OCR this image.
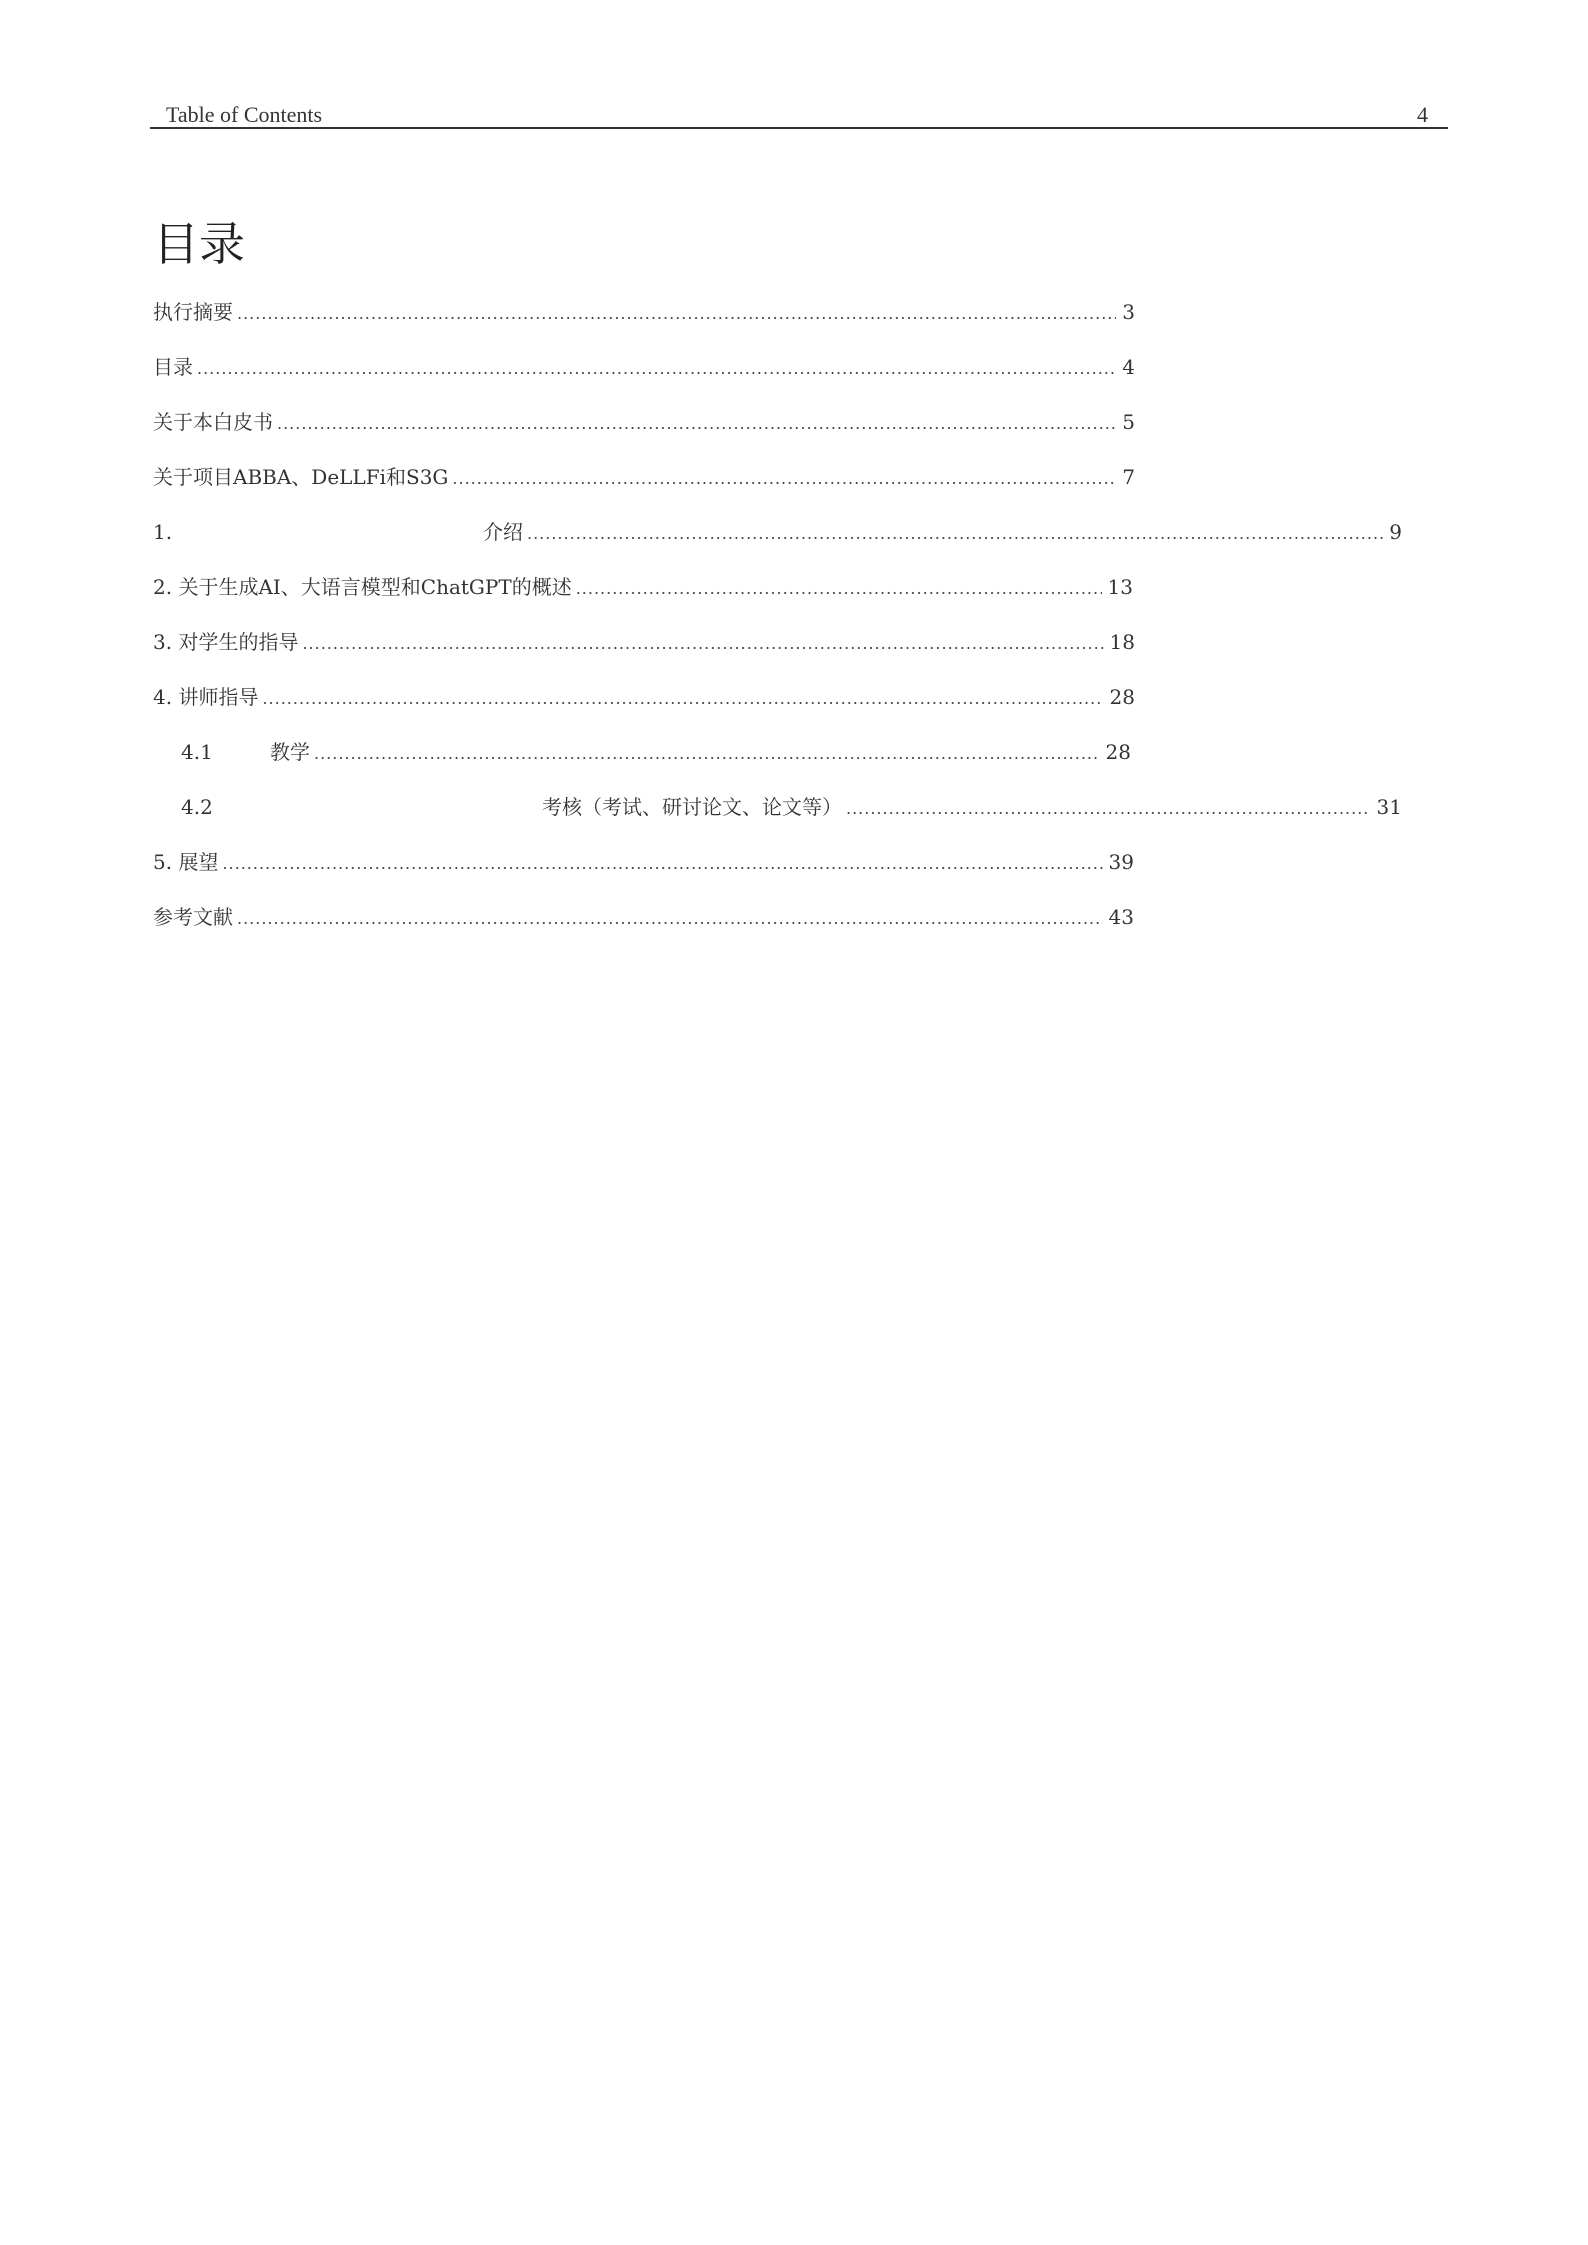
Table of Contents	4
目录
执行摘要 .....	3
目录 .....	4
关于本白皮书 .....	5
关于项目ABBA、DeLLFi和S3G .....	7
1.	介绍 .....	9
2. 关于生成AI、大语言模型和ChatGPT的概述 .....	13
3. 对学生的指导 .....	18
4. 讲师指导 .....	28
4.1	教学 .....	28
4.2	考核（考试、研讨论文、论文等） .....	31
5. 展望 .....	39
参考文献 .....	43
